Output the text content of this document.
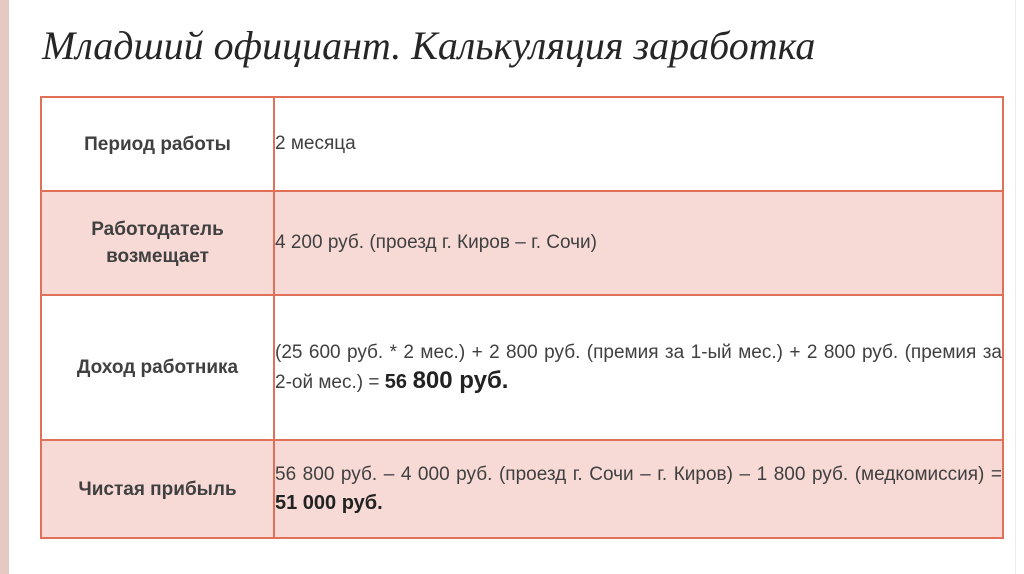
Младший официант. Калькуляция заработка
Период работы	2 месяца
Работодатель возмещает	4 200 руб. (проезд г. Киров – г. Сочи)
Доход работника	(25 600 руб. * 2 мес.) + 2 800 руб. (премия за 1-ый мес.) + 2 800 руб. (премия за 2-ой мес.) = 56 800 руб.
Чистая прибыль	56 800 руб. – 4 000 руб. (проезд г. Сочи – г. Киров) – 1 800 руб. (медкомиссия) = 51 000 руб.
